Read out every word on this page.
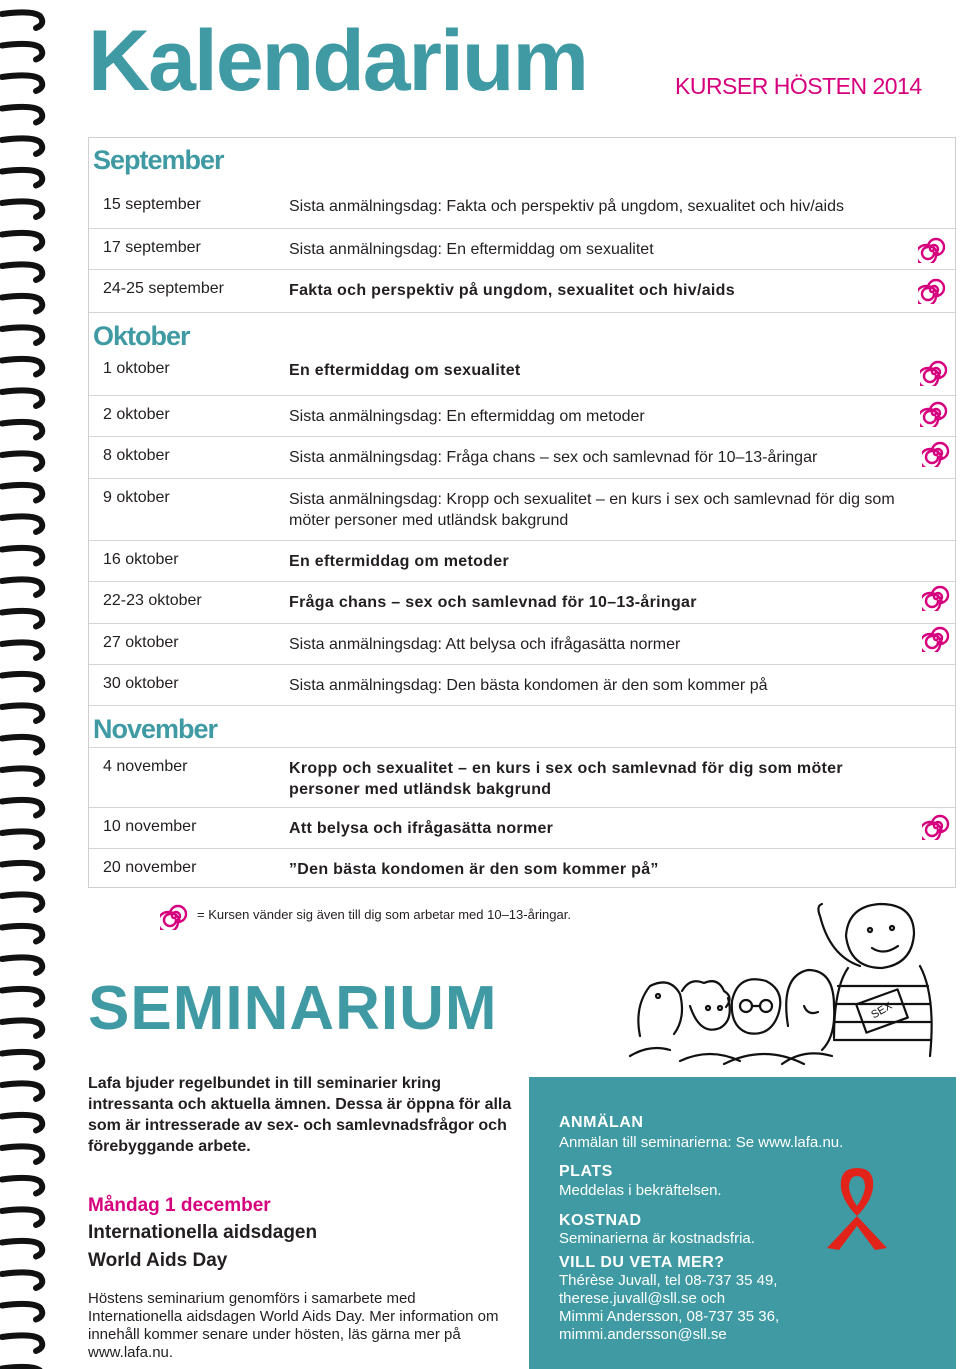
Kalendarium	KURSER HÖSTEN 2014
September
15 september	Sista anmälningsdag: Fakta och perspektiv på ungdom, sexualitet och hiv/aids
17 september	Sista anmälningsdag: En eftermiddag om sexualitet
24-25 september	Fakta och perspektiv på ungdom, sexualitet och hiv/aids
Oktober
1 oktober	En eftermiddag om sexualitet
2 oktober	Sista anmälningsdag: En eftermiddag om metoder
8 oktober	Sista anmälningsdag: Fråga chans – sex och samlevnad för 10–13-åringar
9 oktober	Sista anmälningsdag: Kropp och sexualitet – en kurs i sex och samlevnad för dig som möter personer med utländsk bakgrund
16 oktober	En eftermiddag om metoder
22-23 oktober	Fråga chans – sex och samlevnad för 10–13-åringar
27 oktober	Sista anmälningsdag: Att belysa och ifrågasätta normer
30 oktober	Sista anmälningsdag: Den bästa kondomen är den som kommer på
November
4 november	Kropp och sexualitet – en kurs i sex och samlevnad för dig som möter personer med utländsk bakgrund
10 november	Att belysa och ifrågasätta normer
20 november	”Den bästa kondomen är den som kommer på”
= Kursen vänder sig även till dig som arbetar med 10–13-åringar.
SEMINARIUM	SEX
Lafa bjuder regelbundet in till seminarier kring intressanta och aktuella ämnen. Dessa är öppna för alla som är intresserade av sex- och samlevnadsfrågor och förebyggande arbete.
Måndag 1 december
Internationella aidsdagen
World Aids Day
Höstens seminarium genomförs i samarbete med Internationella aidsdagen World Aids Day. Mer information om innehåll kommer senare under hösten, läs gärna mer på www.lafa.nu.
ANMÄLAN
Anmälan till seminarierna: Se www.lafa.nu.
PLATS
Meddelas i bekräftelsen.
KOSTNAD
Seminarierna är kostnadsfria.
VILL DU VETA MER?
Thérèse Juvall, tel 08-737 35 49,
therese.juvall@sll.se och
Mimmi Andersson, 08-737 35 36,
mimmi.andersson@sll.se
